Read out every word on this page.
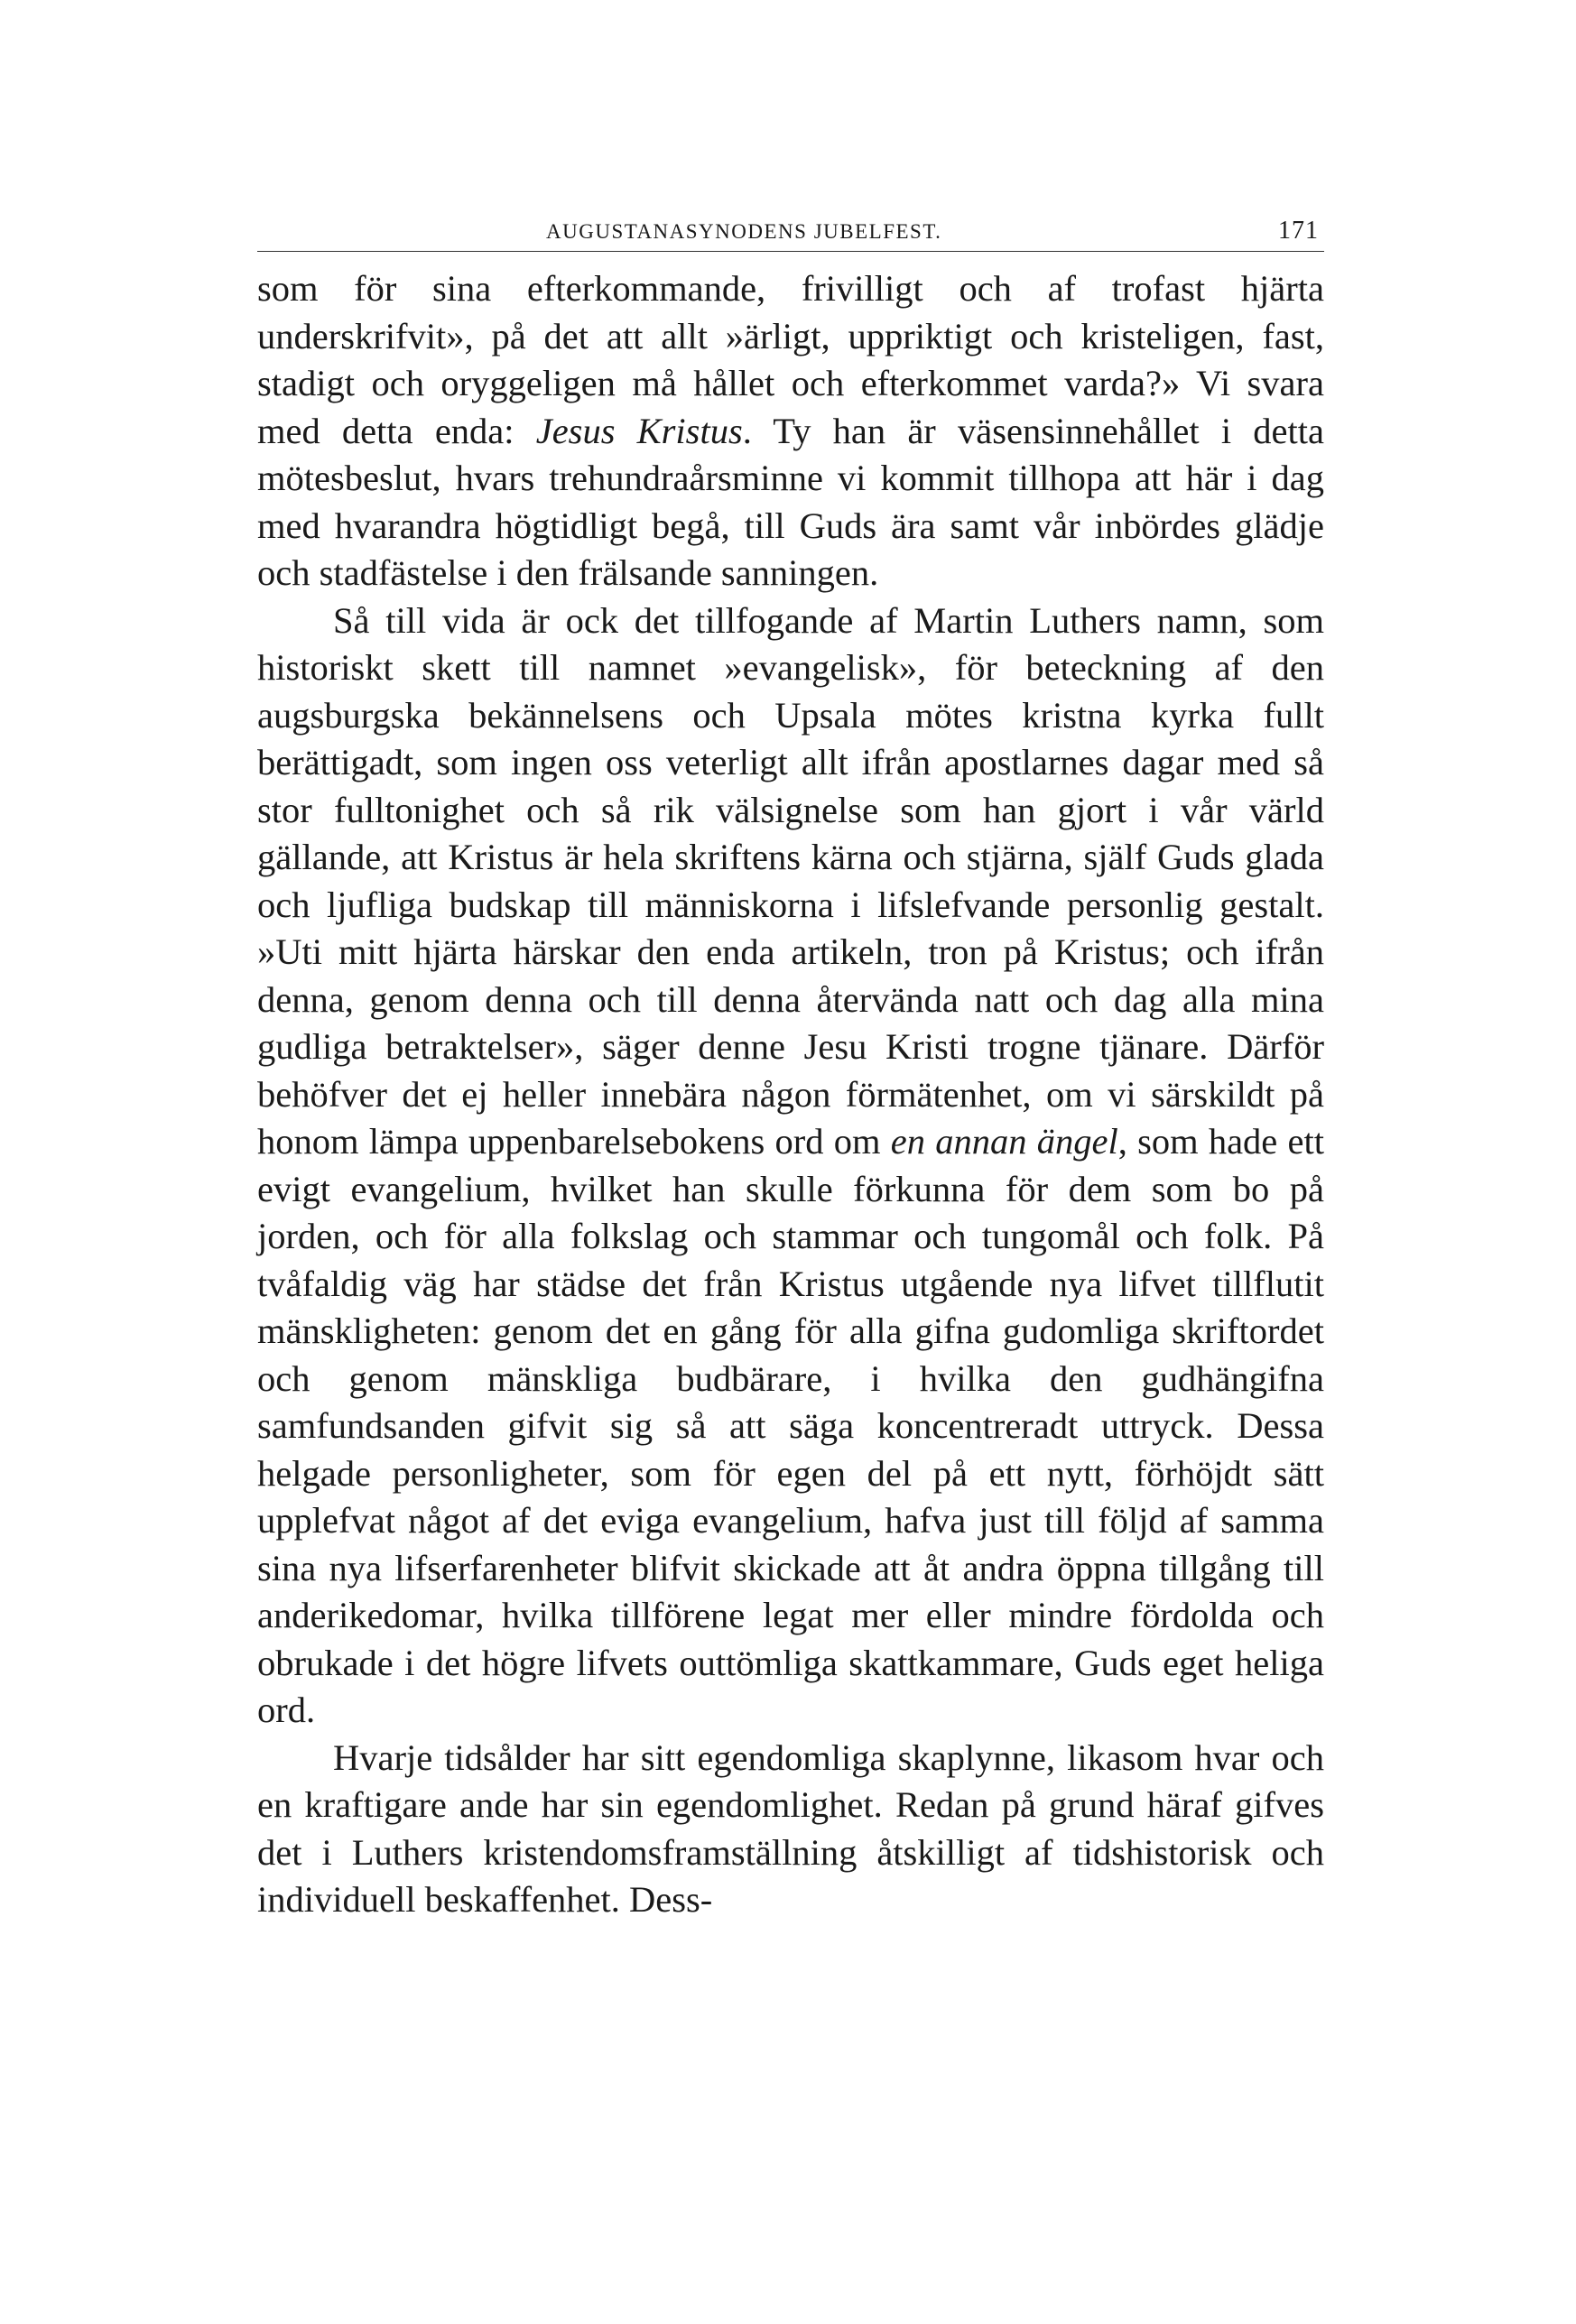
AUGUSTANASYNODENS JUBELFEST.	171

som för sina efterkommande, frivilligt och af trofast hjärta underskrifvit», på det att allt »ärligt, uppriktigt och kristeligen, fast, stadigt och oryggeligen må hållet och efterkommet varda?» Vi svara med detta enda: Jesus Kristus. Ty han är väsensinnehållet i detta mötesbeslut, hvars trehundraårsminne vi kommit tillhopa att här i dag med hvarandra högtidligt begå, till Guds ära samt vår inbördes glädje och stadfästelse i den frälsande sanningen.

Så till vida är ock det tillfogande af Martin Luthers namn, som historiskt skett till namnet »evangelisk», för beteckning af den augsburgska bekännelsens och Upsala mötes kristna kyrka fullt berättigadt, som ingen oss veterligt allt ifrån apostlarnes dagar med så stor fulltonighet och så rik välsignelse som han gjort i vår värld gällande, att Kristus är hela skriftens kärna och stjärna, själf Guds glada och ljufliga budskap till människorna i lifslefvande personlig gestalt. »Uti mitt hjärta härskar den enda artikeln, tron på Kristus; och ifrån denna, genom denna och till denna återvända natt och dag alla mina gudliga betraktelser», säger denne Jesu Kristi trogne tjänare. Därför behöfver det ej heller innebära någon förmätenhet, om vi särskildt på honom lämpa uppenbarelsebokens ord om en annan ängel, som hade ett evigt evangelium, hvilket han skulle förkunna för dem som bo på jorden, och för alla folkslag och stammar och tungomål och folk. På tvåfaldig väg har städse det från Kristus utgående nya lifvet tillflutit mänskligheten: genom det en gång för alla gifna gudomliga skriftordet och genom mänskliga budbärare, i hvilka den gudhängifna samfundsanden gifvit sig så att säga koncentreradt uttryck. Dessa helgade personligheter, som för egen del på ett nytt, förhöjdt sätt upplefvat något af det eviga evangelium, hafva just till följd af samma sina nya lifserfarenheter blifvit skickade att åt andra öppna tillgång till anderikedomar, hvilka tillförene legat mer eller mindre fördolda och obrukade i det högre lifvets outtömliga skattkammare, Guds eget heliga ord.

Hvarje tidsålder har sitt egendomliga skaplynne, likasom hvar och en kraftigare ande har sin egendomlighet. Redan på grund häraf gifves det i Luthers kristendomsframställning åtskilligt af tidshistorisk och individuell beskaffenhet. Dess-
